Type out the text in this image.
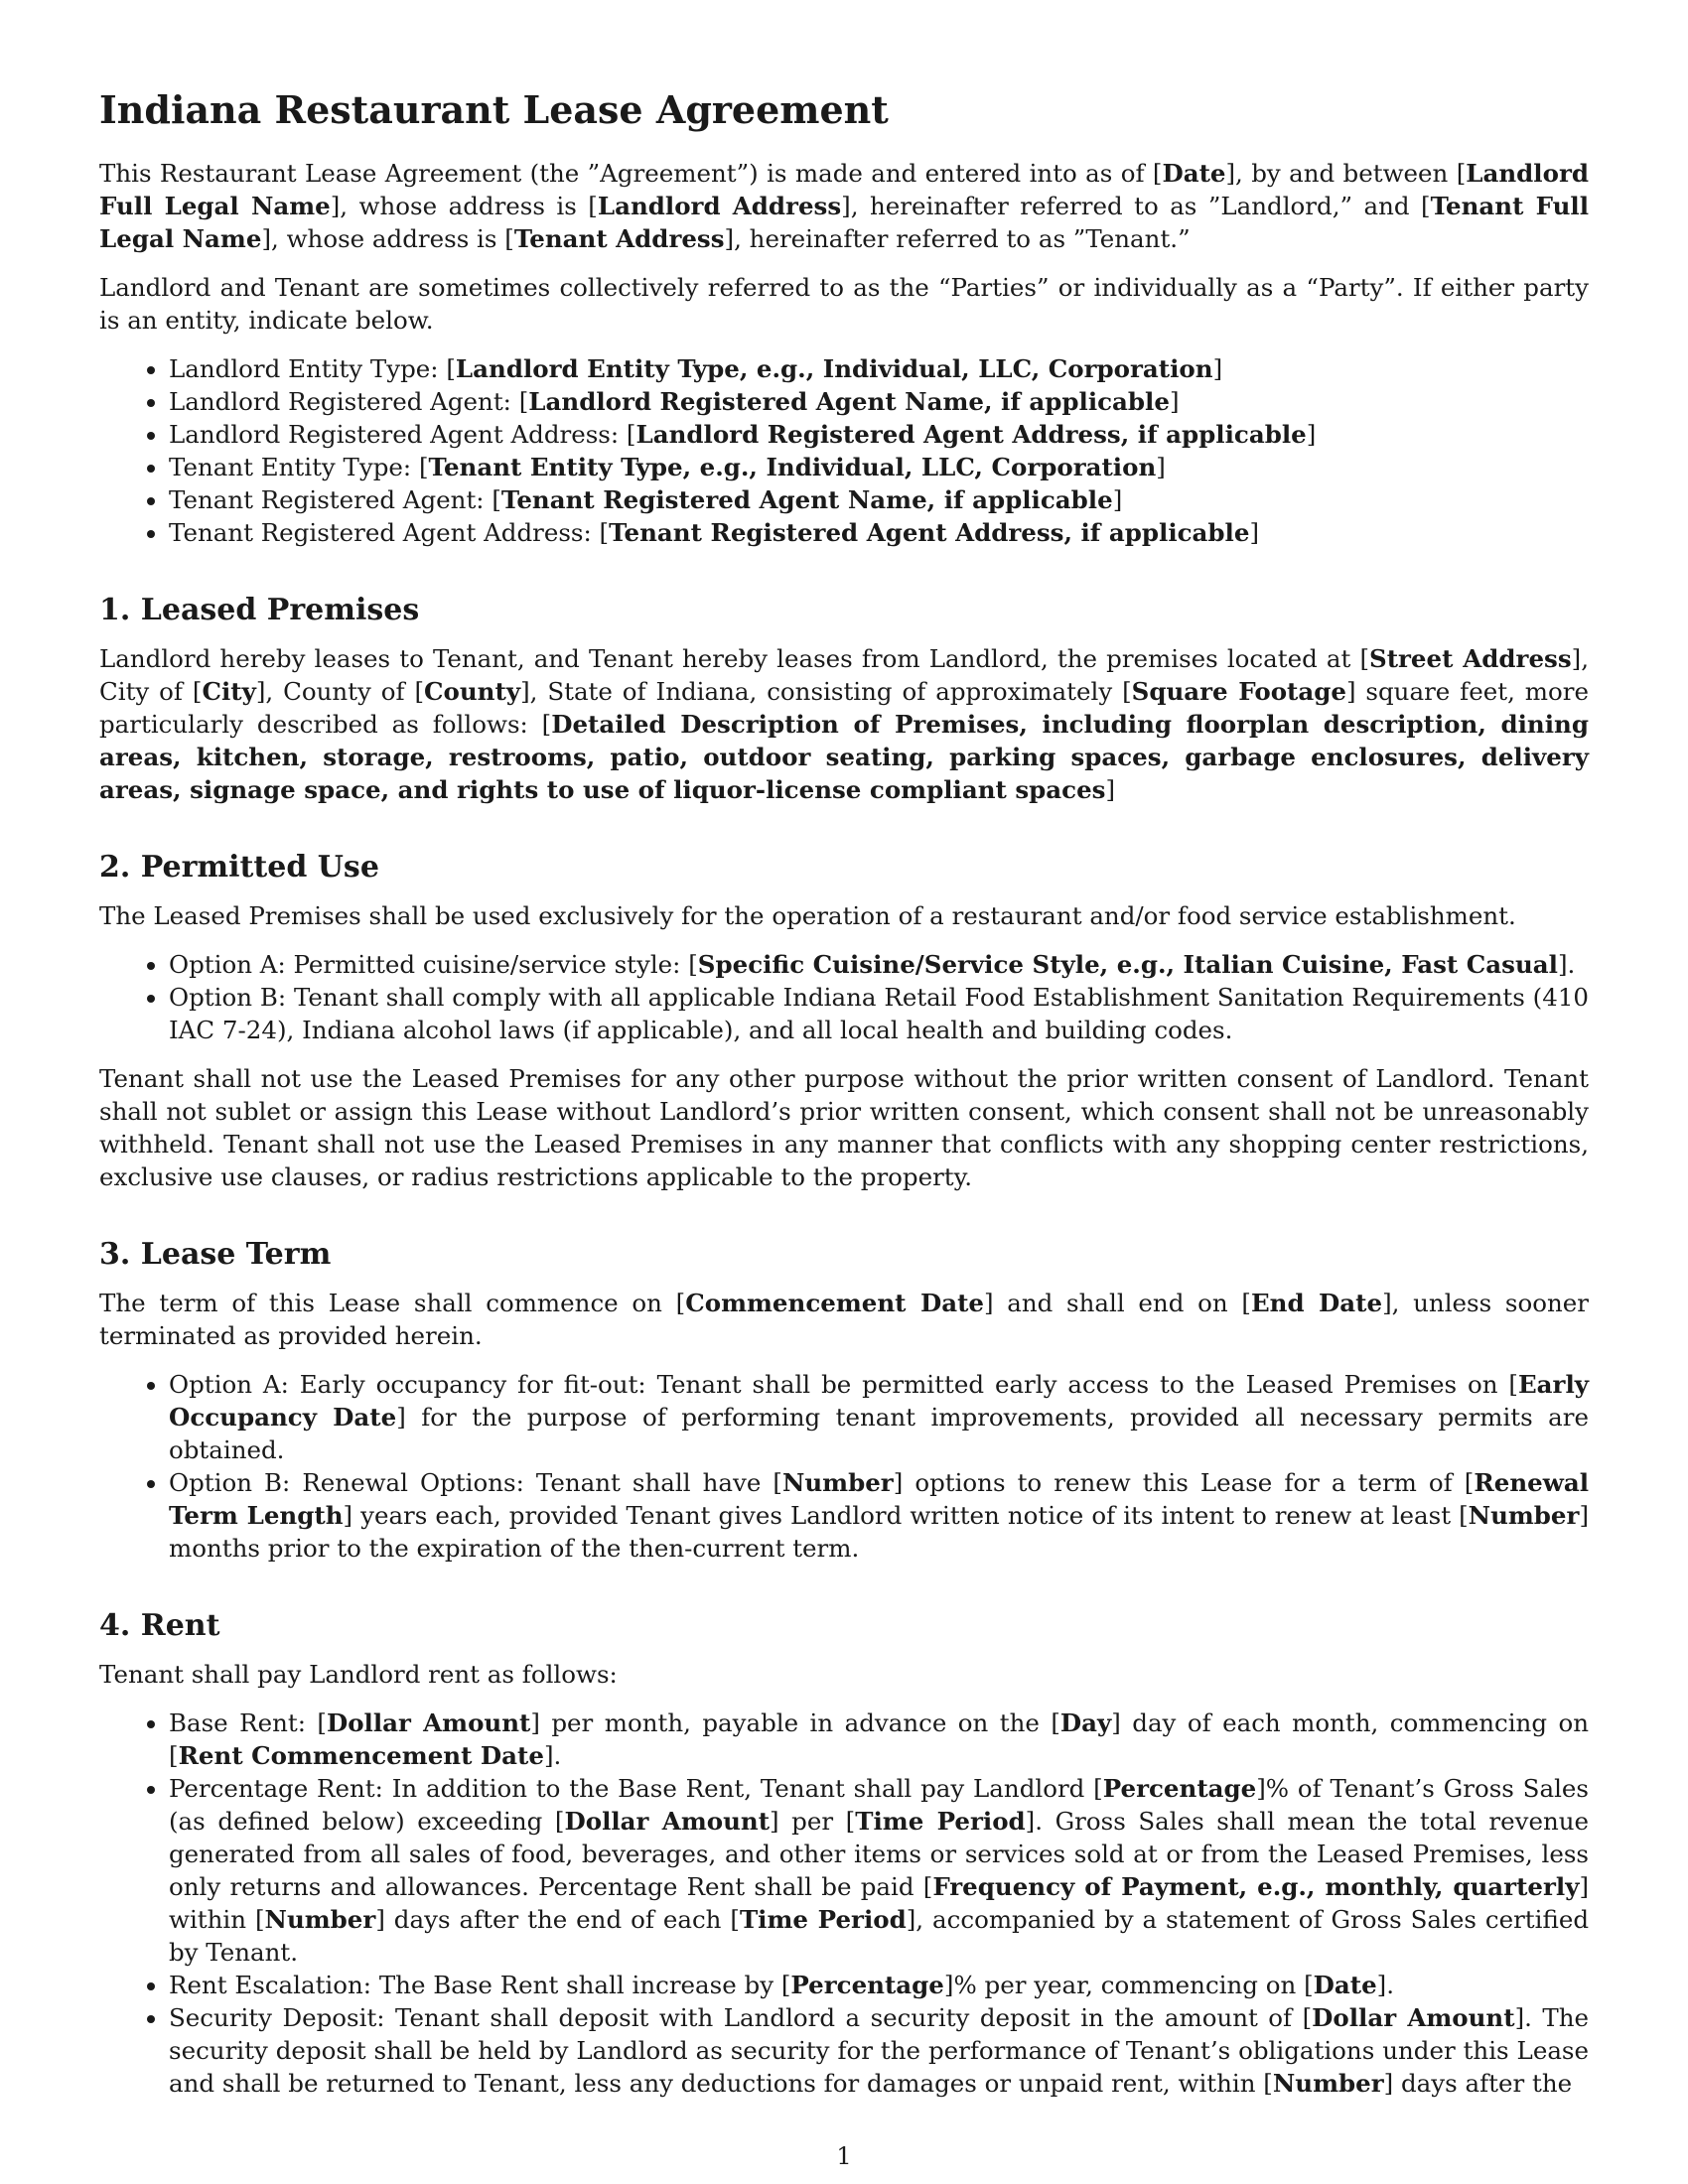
Indiana Restaurant Lease Agreement

This Restaurant Lease Agreement (the ”Agreement”) is made and entered into as of [Date], by and between [Landlord Full Legal Name], whose address is [Landlord Address], hereinafter referred to as ”Landlord,” and [Tenant Full Legal Name], whose address is [Tenant Address], hereinafter referred to as ”Tenant.”

Landlord and Tenant are sometimes collectively referred to as the “Parties” or individually as a “Party”. If either party is an entity, indicate below.

• Landlord Entity Type: [Landlord Entity Type, e.g., Individual, LLC, Corporation]
• Landlord Registered Agent: [Landlord Registered Agent Name, if applicable]
• Landlord Registered Agent Address: [Landlord Registered Agent Address, if applicable]
• Tenant Entity Type: [Tenant Entity Type, e.g., Individual, LLC, Corporation]
• Tenant Registered Agent: [Tenant Registered Agent Name, if applicable]
• Tenant Registered Agent Address: [Tenant Registered Agent Address, if applicable]
1. Leased Premises

Landlord hereby leases to Tenant, and Tenant hereby leases from Landlord, the premises located at [Street Address], City of [City], County of [County], State of Indiana, consisting of approximately [Square Footage] square feet, more particularly described as follows: [Detailed Description of Premises, including floorplan description, dining areas, kitchen, storage, restrooms, patio, outdoor seating, parking spaces, garbage enclosures, delivery areas, signage space, and rights to use of liquor-license compliant spaces]

2. Permitted Use

The Leased Premises shall be used exclusively for the operation of a restaurant and/or food service establishment.

• Option A: Permitted cuisine/service style: [Specific Cuisine/Service Style, e.g., Italian Cuisine, Fast Casual].
• Option B: Tenant shall comply with all applicable Indiana Retail Food Establishment Sanitation Requirements (410 IAC 7-24), Indiana alcohol laws (if applicable), and all local health and building codes.

Tenant shall not use the Leased Premises for any other purpose without the prior written consent of Landlord. Tenant shall not sublet or assign this Lease without Landlord’s prior written consent, which consent shall not be unreasonably withheld. Tenant shall not use the Leased Premises in any manner that conflicts with any shopping center restrictions, exclusive use clauses, or radius restrictions applicable to the property.

3. Lease Term

The term of this Lease shall commence on [Commencement Date] and shall end on [End Date], unless sooner terminated as provided herein.

• Option A: Early occupancy for fit-out: Tenant shall be permitted early access to the Leased Premises on [Early Occupancy Date] for the purpose of performing tenant improvements, provided all necessary permits are obtained.
• Option B: Renewal Options: Tenant shall have [Number] options to renew this Lease for a term of [Renewal Term Length] years each, provided Tenant gives Landlord written notice of its intent to renew at least [Number] months prior to the expiration of the then-current term.
4. Rent

Tenant shall pay Landlord rent as follows:

• Base Rent: [Dollar Amount] per month, payable in advance on the [Day] day of each month, commencing on [Rent Commencement Date].
• Percentage Rent: In addition to the Base Rent, Tenant shall pay Landlord [Percentage]% of Tenant’s Gross Sales (as defined below) exceeding [Dollar Amount] per [Time Period]. Gross Sales shall mean the total revenue generated from all sales of food, beverages, and other items or services sold at or from the Leased Premises, less only returns and allowances. Percentage Rent shall be paid [Frequency of Payment, e.g., monthly, quarterly] within [Number] days after the end of each [Time Period], accompanied by a statement of Gross Sales certified by Tenant.
• Rent Escalation: The Base Rent shall increase by [Percentage]% per year, commencing on [Date].
• Security Deposit: Tenant shall deposit with Landlord a security deposit in the amount of [Dollar Amount]. The security deposit shall be held by Landlord as security for the performance of Tenant’s obligations under this Lease and shall be returned to Tenant, less any deductions for damages or unpaid rent, within [Number] days after the
1
